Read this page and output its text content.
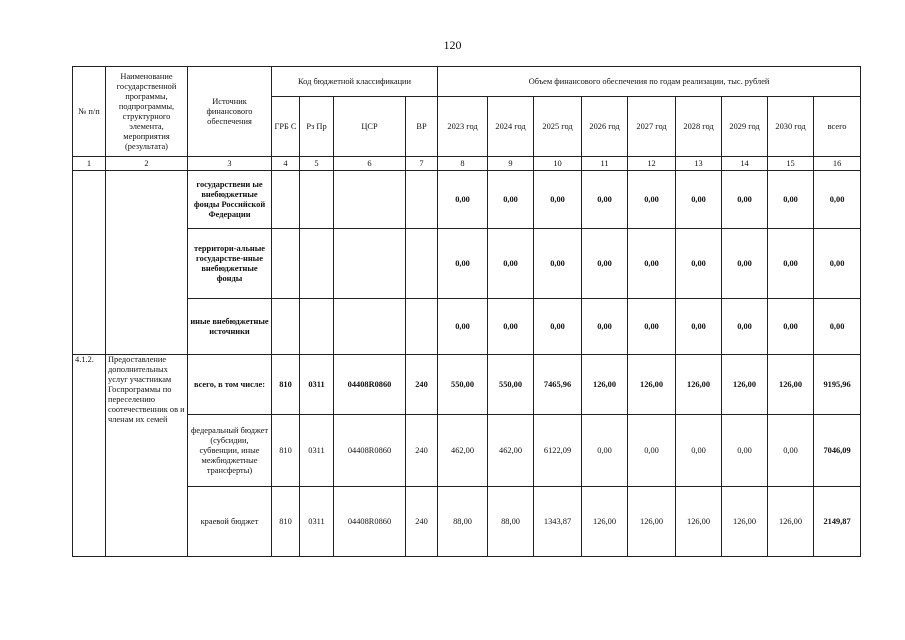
120
№ п/п	Наименование государственной программы, подпрограммы, структурного элемента, мероприятия (результата)	Источник финансового обеспечения	Код бюджетной классификации				Объем финансового обеспечения по годам реализации, тыс. рублей								
			ГРБ С	Рз Пр	ЦСР	ВР	2023 год	2024 год	2025 год	2026 год	2027 год	2028 год	2029 год	2030 год	всего
1	2	3	4	5	6	7	8	9	10	11	12	13	14	15	16
		государствени ые внебюджетные фонды Российской Федерации					0,00	0,00	0,00	0,00	0,00	0,00	0,00	0,00	0,00
		территори-альные государстве-нные внебюджетные фонды					0,00	0,00	0,00	0,00	0,00	0,00	0,00	0,00	0,00
		иные внебюджетные источники					0,00	0,00	0,00	0,00	0,00	0,00	0,00	0,00	0,00
4.1.2.	Предоставление дополнительных услуг участникам Госпрограммы по переселению соотечественник ов и членам их семей	всего, в том числе:	810	0311	04408R0860	240	550,00	550,00	7465,96	126,00	126,00	126,00	126,00	126,00	9195,96
		федеральный бюджет (субсидии, субвенции, иные межбюджетные трансферты)	810	0311	04408R0860	240	462,00	462,00	6122,09	0,00	0,00	0,00	0,00	0,00	7046,09
		краевой бюджет	810	0311	04408R0860	240	88,00	88,00	1343,87	126,00	126,00	126,00	126,00	126,00	2149,87
